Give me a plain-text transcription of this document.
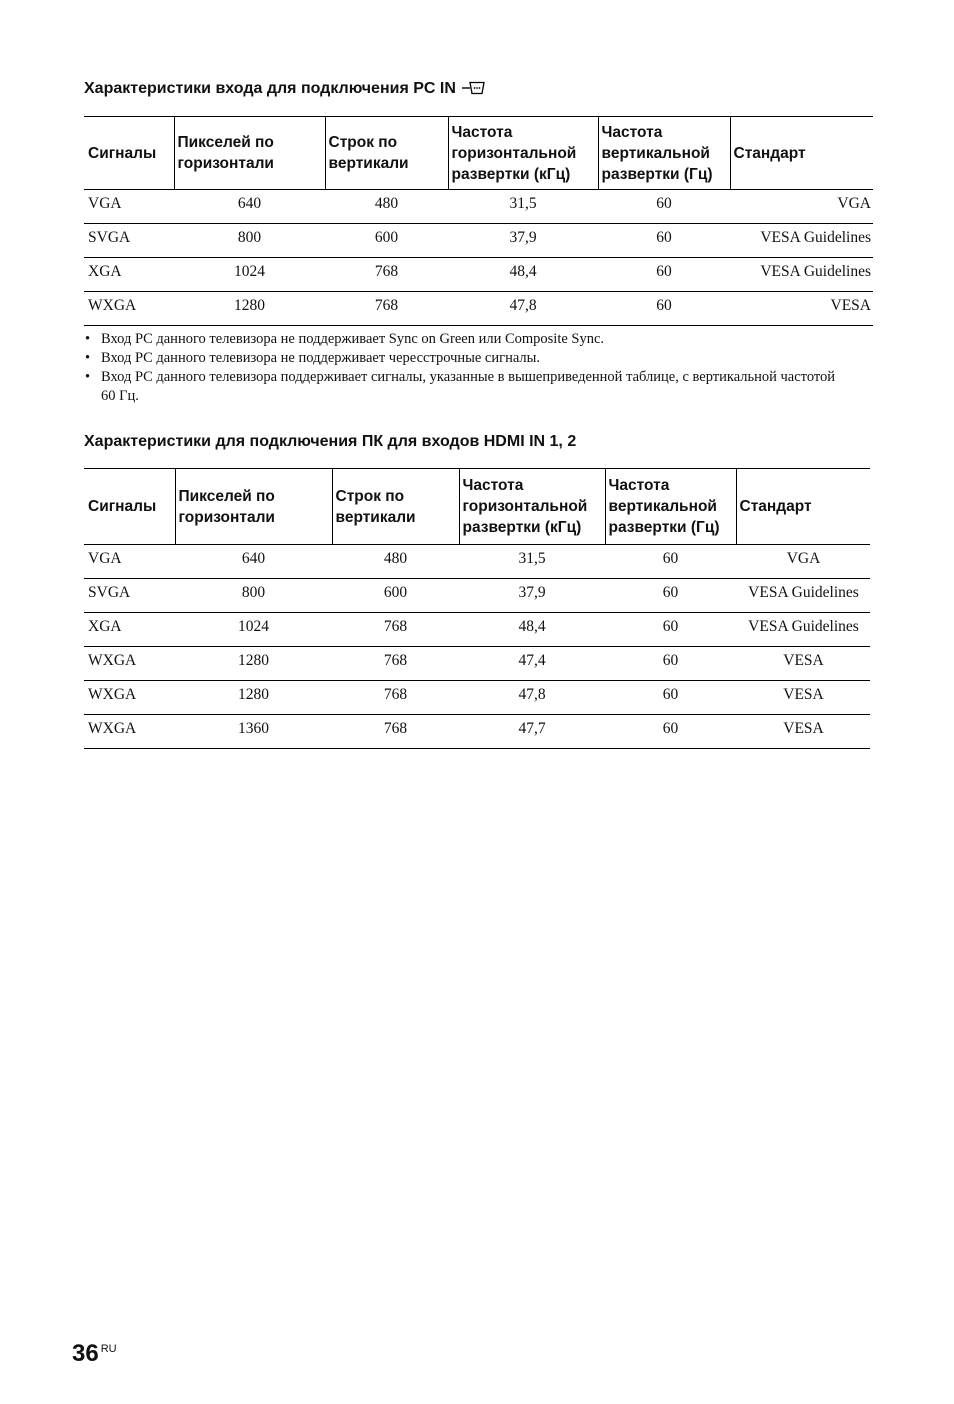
Характеристики входа для подключения PC IN
Сигналы	Пикселей по горизонтали	Строк по вертикали	Частота горизонтальной развертки (кГц)	Частота вертикальной развертки (Гц)	Стандарт
VGA	640	480	31,5	60	VGA
SVGA	800	600	37,9	60	VESA Guidelines
XGA	1024	768	48,4	60	VESA Guidelines
WXGA	1280	768	47,8	60	VESA
• Вход PC данного телевизора не поддерживает Sync on Green или Composite Sync.
• Вход PC данного телевизора не поддерживает чересстрочные сигналы.
• Вход PC данного телевизора поддерживает сигналы, указанные в вышеприведенной таблице, с вертикальной частотой 60 Гц.
Характеристики для подключения ПК для входов HDMI IN 1, 2
Сигналы	Пикселей по горизонтали	Строк по вертикали	Частота горизонтальной развертки (кГц)	Частота вертикальной развертки (Гц)	Стандарт
VGA	640	480	31,5	60	VGA
SVGA	800	600	37,9	60	VESA Guidelines
XGA	1024	768	48,4	60	VESA Guidelines
WXGA	1280	768	47,4	60	VESA
WXGA	1280	768	47,8	60	VESA
WXGA	1360	768	47,7	60	VESA
36 $^{RU}$
